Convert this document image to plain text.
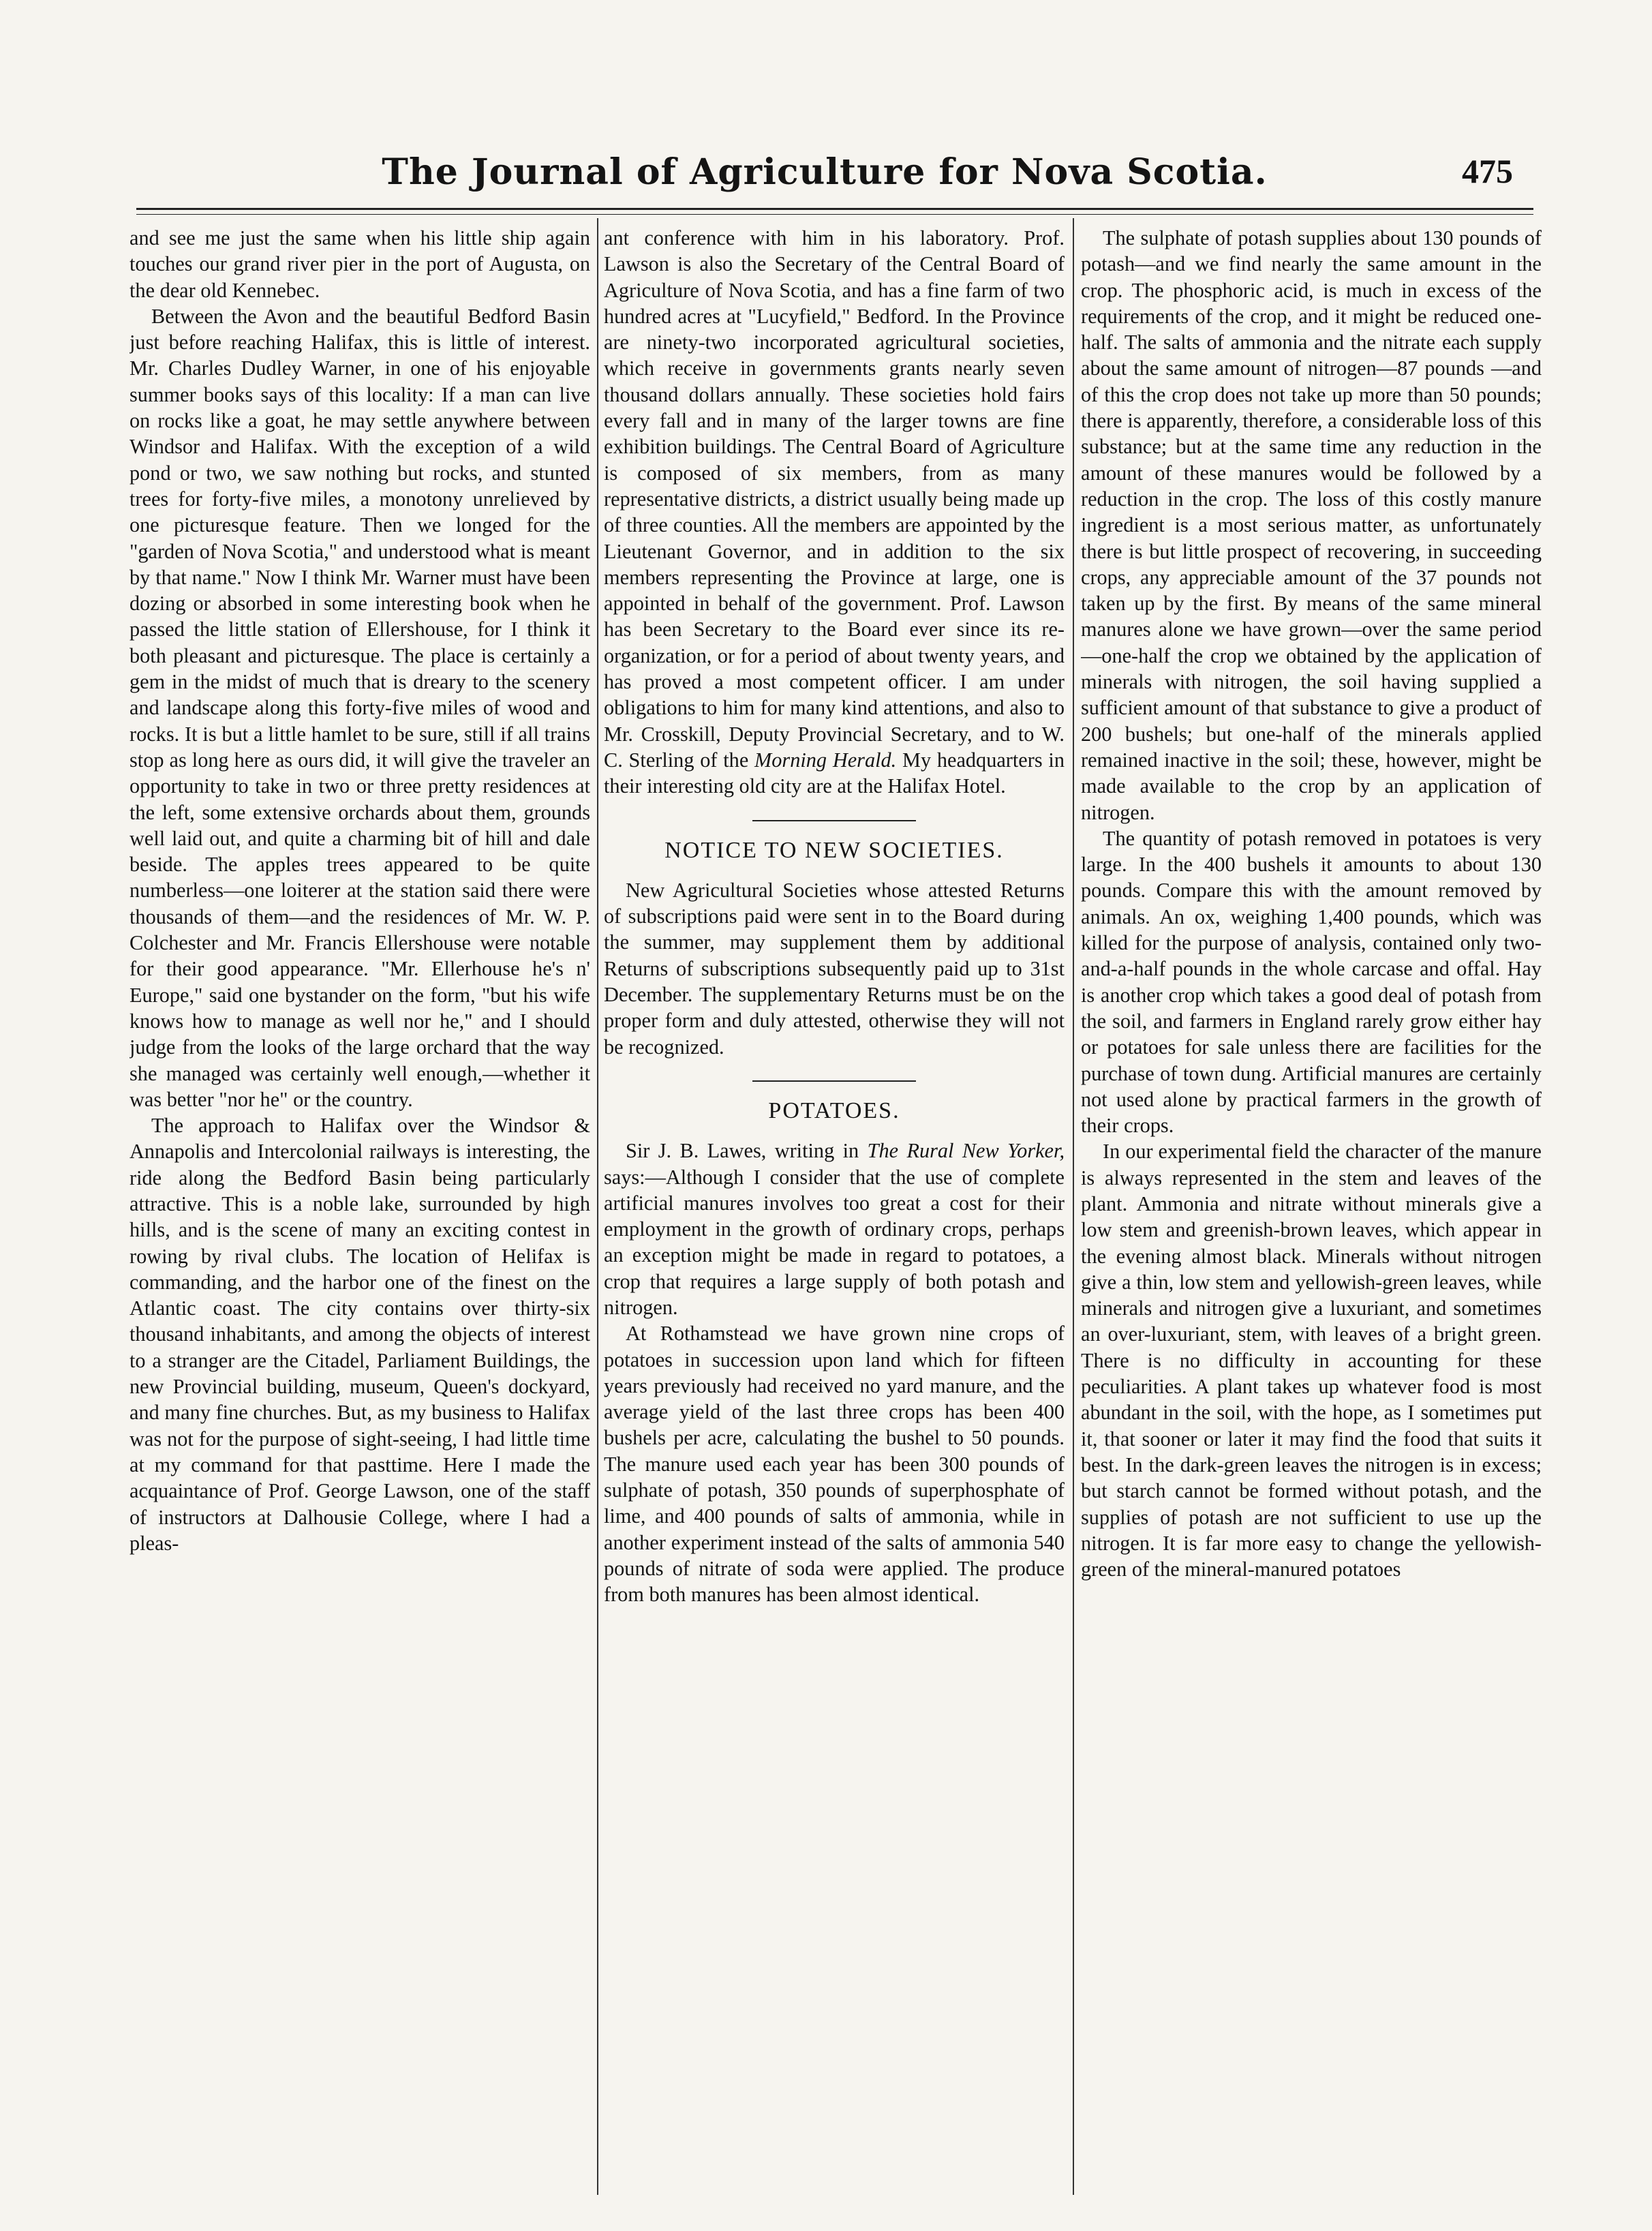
The Journal of Agriculture for Nova Scotia.	475

and see me just the same when his little ship again touches our grand river pier in the port of Augusta, on the dear old Kennebec.

Between the Avon and the beautiful Bedford Basin just before reaching Halifax, this is little of interest. Mr. Charles Dudley Warner, in one of his enjoyable summer books says of this locality: If a man can live on rocks like a goat, he may settle anywhere between Windsor and Halifax. With the exception of a wild pond or two, we saw nothing but rocks, and stunted trees for forty-five miles, a monotony unrelieved by one picturesque feature. Then we longed for the "garden of Nova Scotia," and understood what is meant by that name." Now I think Mr. Warner must have been dozing or absorbed in some interesting book when he passed the little station of Ellershouse, for I think it both pleasant and picturesque. The place is certainly a gem in the midst of much that is dreary to the scenery and landscape along this forty-five miles of wood and rocks. It is but a little hamlet to be sure, still if all trains stop as long here as ours did, it will give the traveler an opportunity to take in two or three pretty residences at the left, some extensive orchards about them, grounds well laid out, and quite a charming bit of hill and dale beside. The apples trees appeared to be quite numberless—one loiterer at the station said there were thousands of them—and the residences of Mr. W. P. Colchester and Mr. Francis Ellershouse were notable for their good appearance. "Mr. Ellerhouse he's n' Europe," said one bystander on the form, "but his wife knows how to manage as well nor he," and I should judge from the looks of the large orchard that the way she managed was certainly well enough,—whether it was better "nor he" or the country.

The approach to Halifax over the Windsor & Annapolis and Intercolonial railways is interesting, the ride along the Bedford Basin being particularly attractive. This is a noble lake, surrounded by high hills, and is the scene of many an exciting contest in rowing by rival clubs. The location of Helifax is commanding, and the harbor one of the finest on the Atlantic coast. The city contains over thirty-six thousand inhabitants, and among the objects of interest to a stranger are the Citadel, Parliament Buildings, the new Provincial building, museum, Queen's dockyard, and many fine churches. But, as my business to Halifax was not for the purpose of sight-seeing, I had little time at my command for that pasttime. Here I made the acquaintance of Prof. George Lawson, one of the staff of instructors at Dalhousie College, where I had a pleas-

ant conference with him in his laboratory. Prof. Lawson is also the Secretary of the Central Board of Agriculture of Nova Scotia, and has a fine farm of two hundred acres at "Lucyfield," Bedford. In the Province are ninety-two incorporated agricultural societies, which receive in governments grants nearly seven thousand dollars annually. These societies hold fairs every fall and in many of the larger towns are fine exhibition buildings. The Central Board of Agriculture is composed of six members, from as many representative districts, a district usually being made up of three counties. All the members are appointed by the Lieutenant Governor, and in addition to the six members representing the Province at large, one is appointed in behalf of the government. Prof. Lawson has been Secretary to the Board ever since its re-organization, or for a period of about twenty years, and has proved a most competent officer. I am under obligations to him for many kind attentions, and also to Mr. Crosskill, Deputy Provincial Secretary, and to W. C. Sterling of the Morning Herald. My headquarters in their interesting old city are at the Halifax Hotel.

NOTICE TO NEW SOCIETIES.

New Agricultural Societies whose attested Returns of subscriptions paid were sent in to the Board during the summer, may supplement them by additional Returns of subscriptions subsequently paid up to 31st December. The supplementary Returns must be on the proper form and duly attested, otherwise they will not be recognized.

POTATOES.

Sir J. B. Lawes, writing in The Rural New Yorker, says:—Although I consider that the use of complete artificial manures involves too great a cost for their employment in the growth of ordinary crops, perhaps an exception might be made in regard to potatoes, a crop that requires a large supply of both potash and nitrogen.

At Rothamstead we have grown nine crops of potatoes in succession upon land which for fifteen years previously had received no yard manure, and the average yield of the last three crops has been 400 bushels per acre, calculating the bushel to 50 pounds. The manure used each year has been 300 pounds of sulphate of potash, 350 pounds of superphosphate of lime, and 400 pounds of salts of ammonia, while in another experiment instead of the salts of ammonia 540 pounds of nitrate of soda were applied. The produce from both manures has been almost identical.

The sulphate of potash supplies about 130 pounds of potash—and we find nearly the same amount in the crop. The phosphoric acid, is much in excess of the requirements of the crop, and it might be reduced one-half. The salts of ammonia and the nitrate each supply about the same amount of nitrogen—87 pounds —and of this the crop does not take up more than 50 pounds; there is apparently, therefore, a considerable loss of this substance; but at the same time any reduction in the amount of these manures would be followed by a reduction in the crop. The loss of this costly manure ingredient is a most serious matter, as unfortunately there is but little prospect of recovering, in succeeding crops, any appreciable amount of the 37 pounds not taken up by the first. By means of the same mineral manures alone we have grown—over the same period—one-half the crop we obtained by the application of minerals with nitrogen, the soil having supplied a sufficient amount of that substance to give a product of 200 bushels; but one-half of the minerals applied remained inactive in the soil; these, however, might be made available to the crop by an application of nitrogen.

The quantity of potash removed in potatoes is very large. In the 400 bushels it amounts to about 130 pounds. Compare this with the amount removed by animals. An ox, weighing 1,400 pounds, which was killed for the purpose of analysis, contained only two-and-a-half pounds in the whole carcase and offal. Hay is another crop which takes a good deal of potash from the soil, and farmers in England rarely grow either hay or potatoes for sale unless there are facilities for the purchase of town dung. Artificial manures are certainly not used alone by practical farmers in the growth of their crops.

In our experimental field the character of the manure is always represented in the stem and leaves of the plant. Ammonia and nitrate without minerals give a low stem and greenish-brown leaves, which appear in the evening almost black. Minerals without nitrogen give a thin, low stem and yellowish-green leaves, while minerals and nitrogen give a luxuriant, and sometimes an over-luxuriant, stem, with leaves of a bright green. There is no difficulty in accounting for these peculiarities. A plant takes up whatever food is most abundant in the soil, with the hope, as I sometimes put it, that sooner or later it may find the food that suits it best. In the dark-green leaves the nitrogen is in excess; but starch cannot be formed without potash, and the supplies of potash are not sufficient to use up the nitrogen. It is far more easy to change the yellowish-green of the mineral-manured potatoes
